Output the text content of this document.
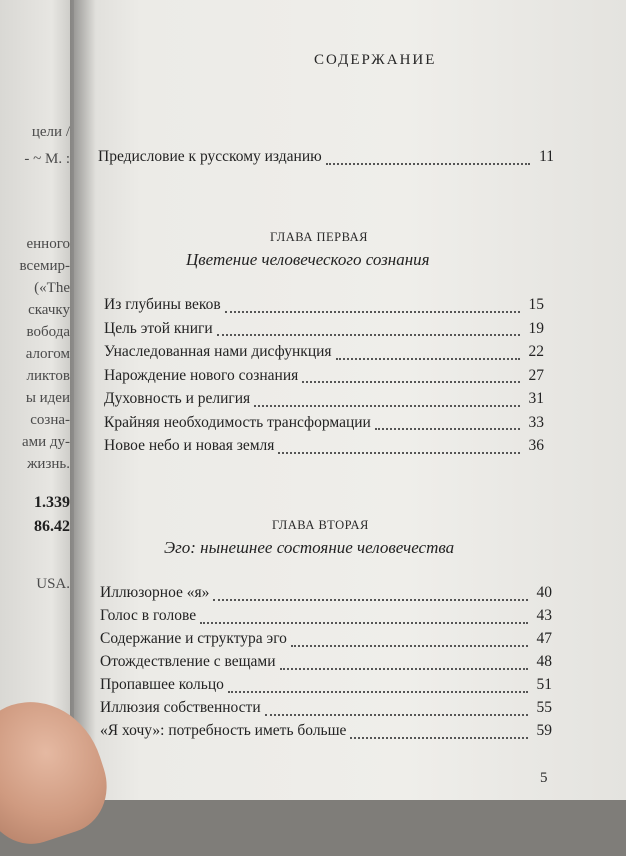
цели /
- ~ М. :
енного
всемир-
(«The
скачку
вобода
алогом
ликтов
ы идеи
созна-
ами ду-
жизнь.
1.339
86.42
USA.
СОДЕРЖАНИЕ
Предисловие к русскому изданию	11
ГЛАВА ПЕРВАЯ
Цветение человеческого сознания
Из глубины веков	15
Цель этой книги	19
Унаследованная нами дисфункция	22
Нарождение нового сознания	27
Духовность и религия	31
Крайняя необходимость трансформации	33
Новое небо и новая земля	36
ГЛАВА ВТОРАЯ
Эго: нынешнее состояние человечества
Иллюзорное «я»	40
Голос в голове	43
Содержание и структура эго	47
Отождествление с вещами	48
Пропавшее кольцо	51
Иллюзия собственности	55
«Я хочу»: потребность иметь больше	59
5
